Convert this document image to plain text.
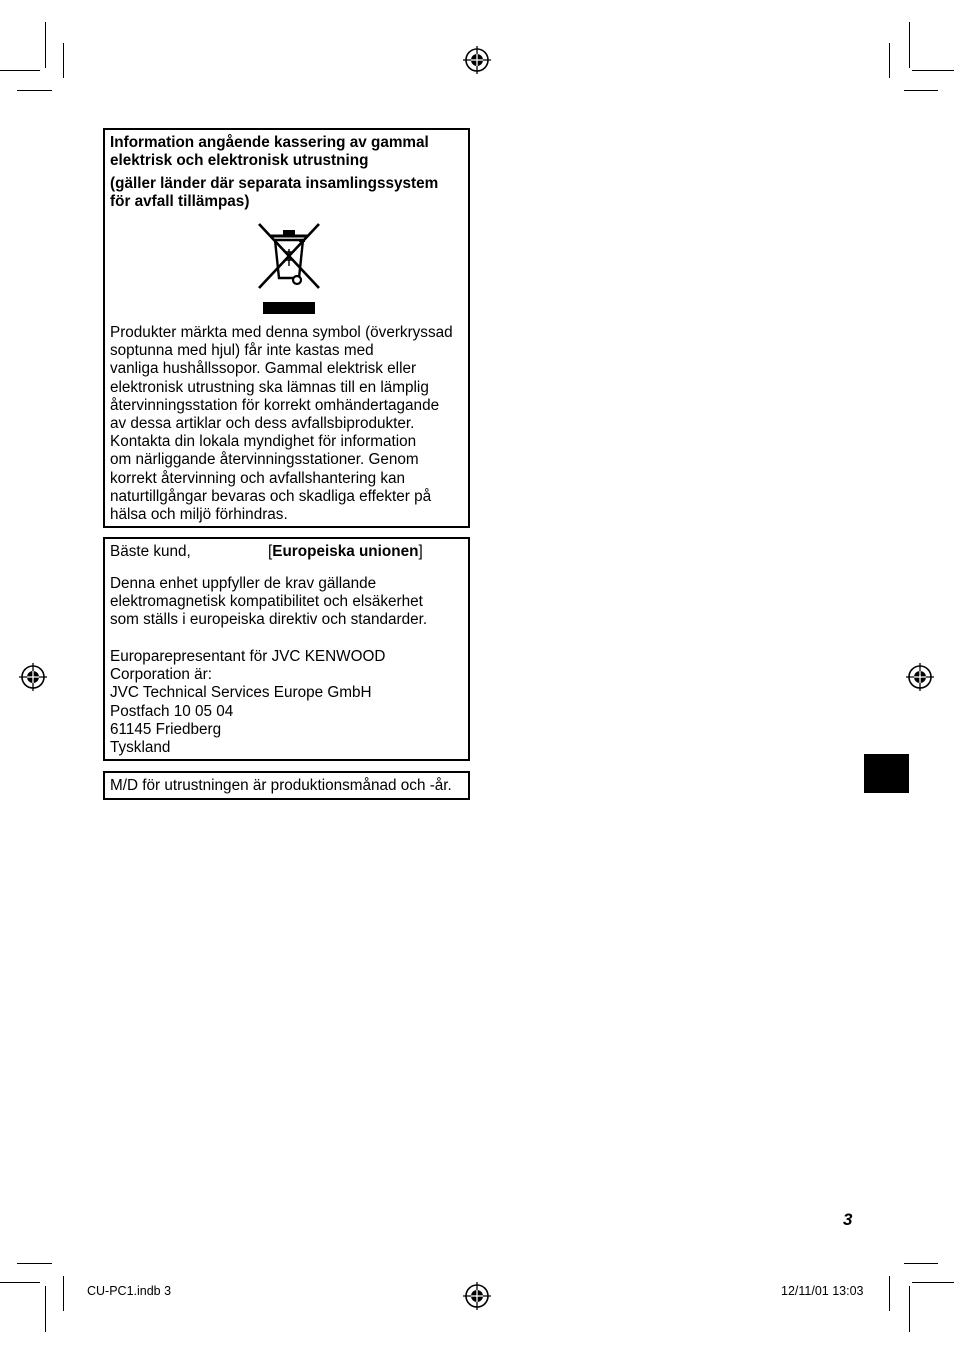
Information angående kassering av gammal
elektrisk och elektronisk utrustning
(gäller länder där separata insamlingssystem
för avfall tillämpas)
Produkter märkta med denna symbol (överkryssad
soptunna med hjul) får inte kastas med
vanliga hushållssopor. Gammal elektrisk eller
elektronisk utrustning ska lämnas till en lämplig
återvinningsstation för korrekt omhändertagande
av dessa artiklar och dess avfallsbiprodukter.
Kontakta din lokala myndighet för information
om närliggande återvinningsstationer. Genom
korrekt återvinning och avfallshantering kan
naturtillgångar bevaras och skadliga effekter på
hälsa och miljö förhindras.
Bäste kund,	[Europeiska unionen]
Denna enhet uppfyller de krav gällande
elektromagnetisk kompatibilitet och elsäkerhet
som ställs i europeiska direktiv och standarder.
Europarepresentant för JVC KENWOOD
Corporation är:
JVC Technical Services Europe GmbH
Postfach 10 05 04
61145 Friedberg
Tyskland
M/D för utrustningen är produktionsmånad och -år.
3
CU-PC1.indb 3	12/11/01 13:03
